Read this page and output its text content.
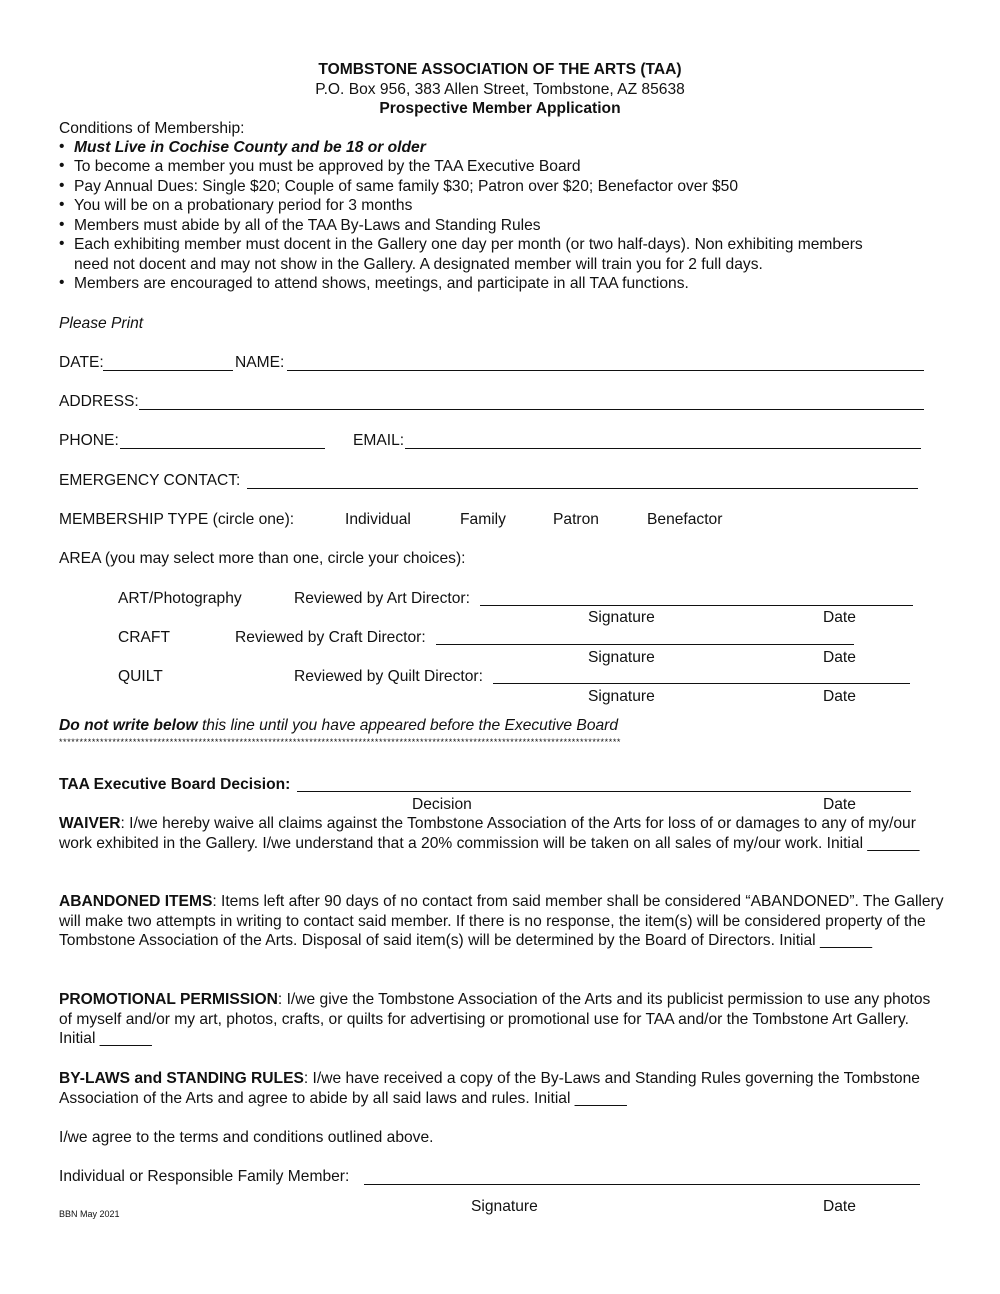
TOMBSTONE ASSOCIATION OF THE ARTS (TAA)
P.O. Box 956, 383 Allen Street, Tombstone, AZ 85638
Prospective Member Application
Conditions of Membership:
• Must Live in Cochise County and be 18 or older
• To become a member you must be approved by the TAA Executive Board
• Pay Annual Dues: Single $20; Couple of same family $30; Patron over $20; Benefactor over $50
• You will be on a probationary period for 3 months
• Members must abide by all of the TAA By-Laws and Standing Rules
• Each exhibiting member must docent in the Gallery one day per month (or two half-days). Non exhibiting members
need not docent and may not show in the Gallery. A designated member will train you for 2 full days.
• Members are encouraged to attend shows, meetings, and participate in all TAA functions.
Please Print
DATE:	NAME:
ADDRESS:
PHONE:	EMAIL:
EMERGENCY CONTACT:
MEMBERSHIP TYPE (circle one):	Individual	Family	Patron	Benefactor
AREA (you may select more than one, circle your choices):
ART/Photography	Reviewed by Art Director:
Signature	Date
CRAFT	Reviewed by Craft Director:
Signature	Date
QUILT	Reviewed by Quilt Director:
Signature	Date
Do not write below this line until you have appeared before the Executive Board
*****************************************************************************************************************************************
TAA Executive Board Decision:
Decision	Date
WAIVER: I/we hereby waive all claims against the Tombstone Association of the Arts for loss of or damages to any of my/our work exhibited in the Gallery. I/we understand that a 20% commission will be taken on all sales of my/our work. Initial ______
ABANDONED ITEMS: Items left after 90 days of no contact from said member shall be considered “ABANDONED”. The Gallery will make two attempts in writing to contact said member. If there is no response, the item(s) will be considered property of the Tombstone Association of the Arts. Disposal of said item(s) will be determined by the Board of Directors. Initial ______
PROMOTIONAL PERMISSION: I/we give the Tombstone Association of the Arts and its publicist permission to use any photos of myself and/or my art, photos, crafts, or quilts for advertising or promotional use for TAA and/or the Tombstone Art Gallery. Initial ______
BY-LAWS and STANDING RULES: I/we have received a copy of the By-Laws and Standing Rules governing the Tombstone Association of the Arts and agree to abide by all said laws and rules. Initial ______
I/we agree to the terms and conditions outlined above.
Individual or Responsible Family Member:
Signature	Date
BBN May 2021
